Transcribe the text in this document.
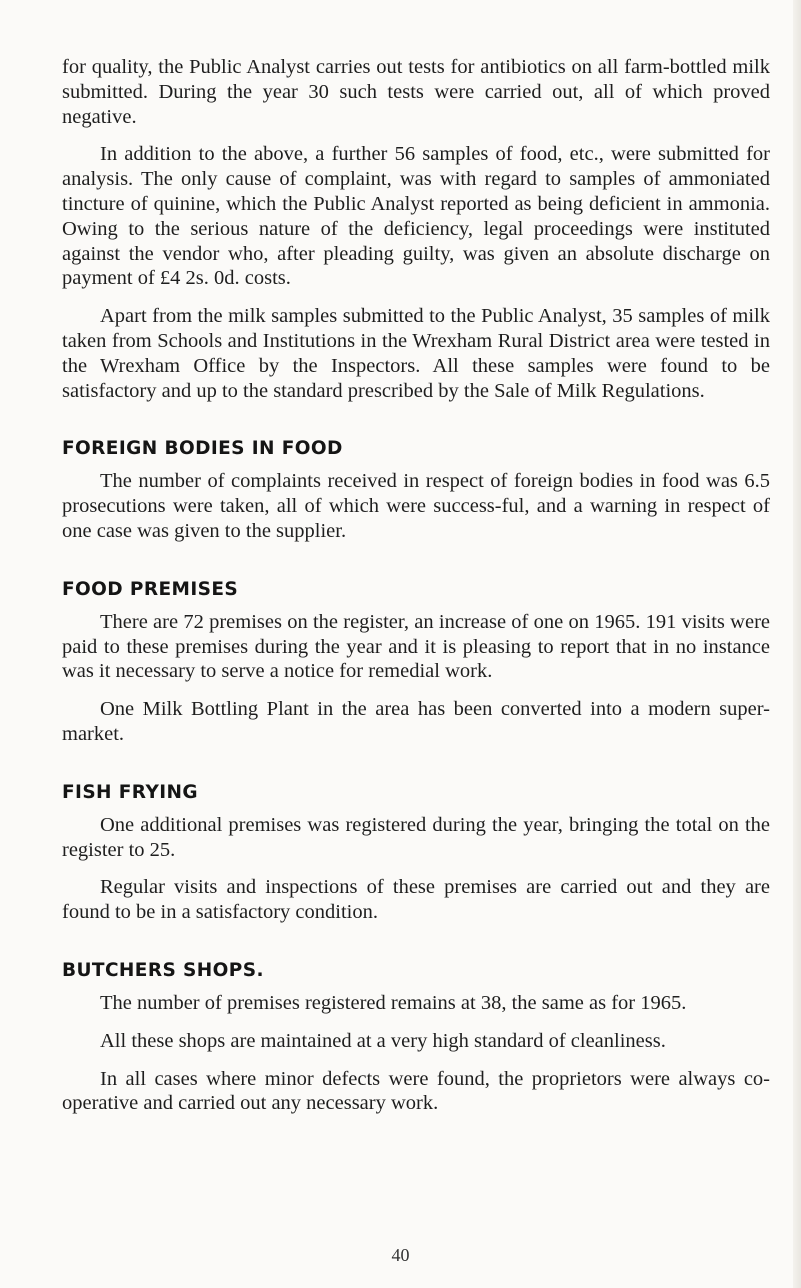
for quality, the Public Analyst carries out tests for antibiotics on all farm-bottled milk submitted. During the year 30 such tests were carried out, all of which proved negative.

In addition to the above, a further 56 samples of food, etc., were submitted for analysis. The only cause of complaint, was with regard to samples of ammoniated tincture of quinine, which the Public Analyst reported as being deficient in ammonia. Owing to the serious nature of the deficiency, legal proceedings were instituted against the vendor who, after pleading guilty, was given an absolute discharge on payment of £4 2s. 0d. costs.

Apart from the milk samples submitted to the Public Analyst, 35 samples of milk taken from Schools and Institutions in the Wrexham Rural District area were tested in the Wrexham Office by the Inspectors. All these samples were found to be satisfactory and up to the standard prescribed by the Sale of Milk Regulations.

FOREIGN BODIES IN FOOD

The number of complaints received in respect of foreign bodies in food was 6.5 prosecutions were taken, all of which were success-ful, and a warning in respect of one case was given to the supplier.

FOOD PREMISES

There are 72 premises on the register, an increase of one on 1965. 191 visits were paid to these premises during the year and it is pleasing to report that in no instance was it necessary to serve a notice for remedial work.

One Milk Bottling Plant in the area has been converted into a modern super-market.

FISH FRYING

One additional premises was registered during the year, bringing the total on the register to 25.

Regular visits and inspections of these premises are carried out and they are found to be in a satisfactory condition.

BUTCHERS SHOPS.

The number of premises registered remains at 38, the same as for 1965.

All these shops are maintained at a very high standard of cleanliness.

In all cases where minor defects were found, the proprietors were always co-operative and carried out any necessary work.

40
